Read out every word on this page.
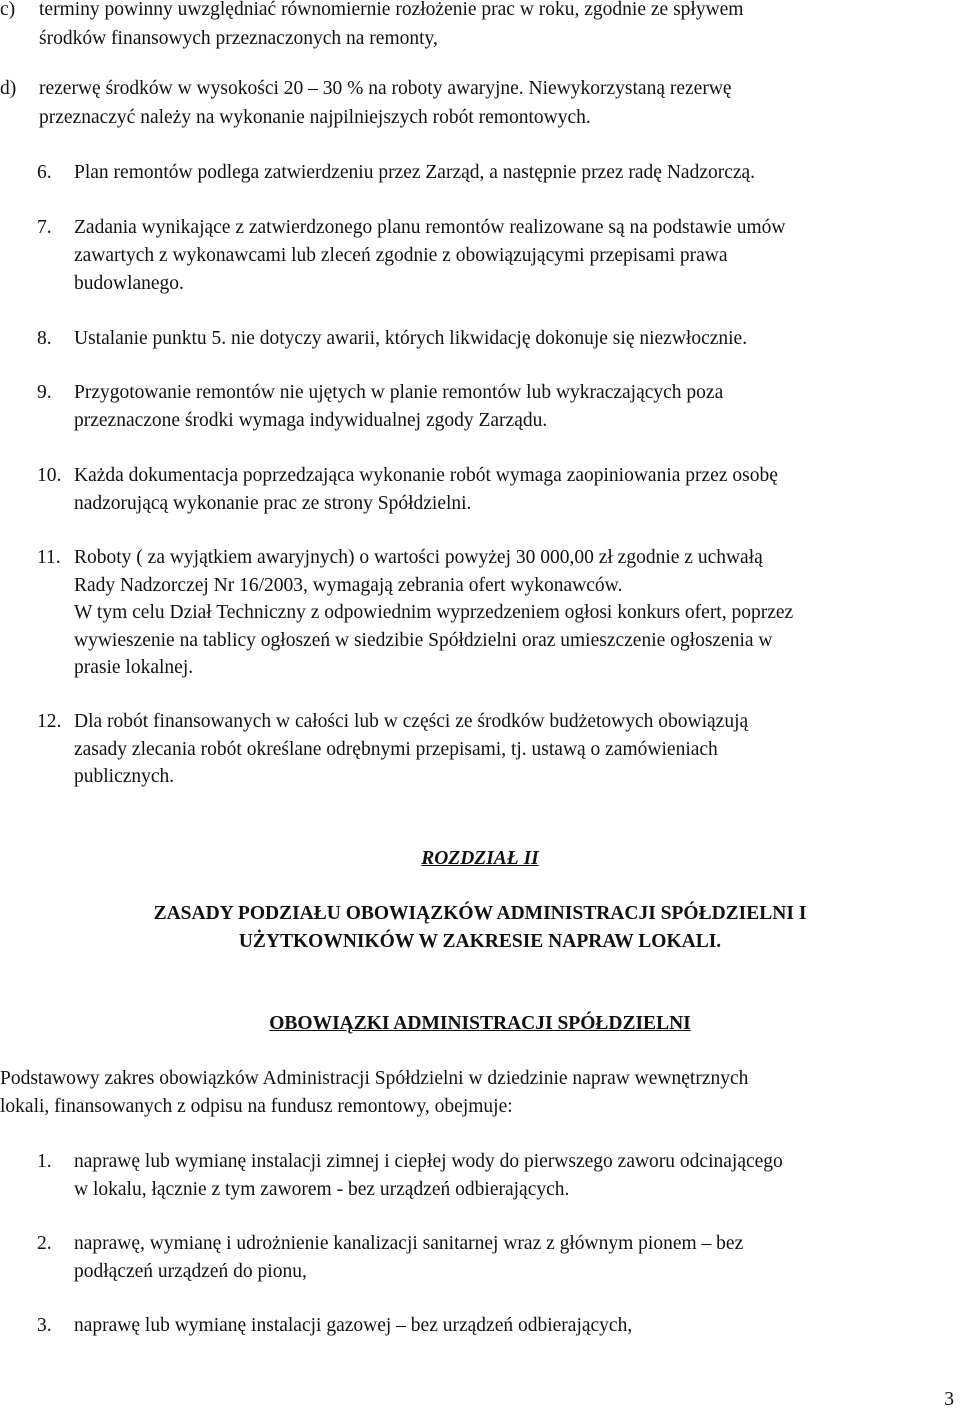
c) terminy powinny uwzględniać równomiernie rozłożenie prac w roku, zgodnie ze spływem
środków finansowych przeznaczonych na remonty,
d) rezerwę środków w wysokości 20 – 30 % na roboty awaryjne. Niewykorzystaną rezerwę
przeznaczyć należy na wykonanie najpilniejszych robót remontowych.
6. Plan remontów podlega zatwierdzeniu przez Zarząd, a następnie przez radę Nadzorczą.
7. Zadania wynikające z zatwierdzonego planu remontów realizowane są na podstawie umów
zawartych z wykonawcami lub zleceń zgodnie z obowiązującymi przepisami prawa
budowlanego.
8. Ustalanie punktu 5. nie dotyczy awarii, których likwidację dokonuje się niezwłocznie.
9. Przygotowanie remontów nie ujętych w planie remontów lub wykraczających poza
przeznaczone środki wymaga indywidualnej zgody Zarządu.
10. Każda dokumentacja poprzedzająca wykonanie robót wymaga zaopiniowania przez osobę
nadzorującą wykonanie prac ze strony Spółdzielni.
11. Roboty ( za wyjątkiem awaryjnych) o wartości powyżej 30 000,00 zł zgodnie z uchwałą
Rady Nadzorczej Nr 16/2003, wymagają zebrania ofert wykonawców.
W tym celu Dział Techniczny z odpowiednim wyprzedzeniem ogłosi konkurs ofert, poprzez
wywieszenie na tablicy ogłoszeń w siedzibie Spółdzielni oraz umieszczenie ogłoszenia w
prasie lokalnej.
12. Dla robót finansowanych w całości lub w części ze środków budżetowych obowiązują
zasady zlecania robót określane odrębnymi przepisami, tj. ustawą o zamówieniach
publicznych.
ROZDZIAŁ II
ZASADY PODZIAŁU OBOWIĄZKÓW ADMINISTRACJI SPÓŁDZIELNI I
UŻYTKOWNIKÓW W ZAKRESIE NAPRAW LOKALI.
OBOWIĄZKI ADMINISTRACJI SPÓŁDZIELNI
Podstawowy zakres obowiązków Administracji Spółdzielni w dziedzinie napraw wewnętrznych
lokali, finansowanych z odpisu na fundusz remontowy, obejmuje:
1. naprawę lub wymianę instalacji zimnej i ciepłej wody do pierwszego zaworu odcinającego
w lokalu, łącznie z tym zaworem - bez urządzeń odbierających.
2. naprawę, wymianę i udrożnienie kanalizacji sanitarnej wraz z głównym pionem – bez
podłączeń urządzeń do pionu,
3. naprawę lub wymianę instalacji gazowej – bez urządzeń odbierających,
3
